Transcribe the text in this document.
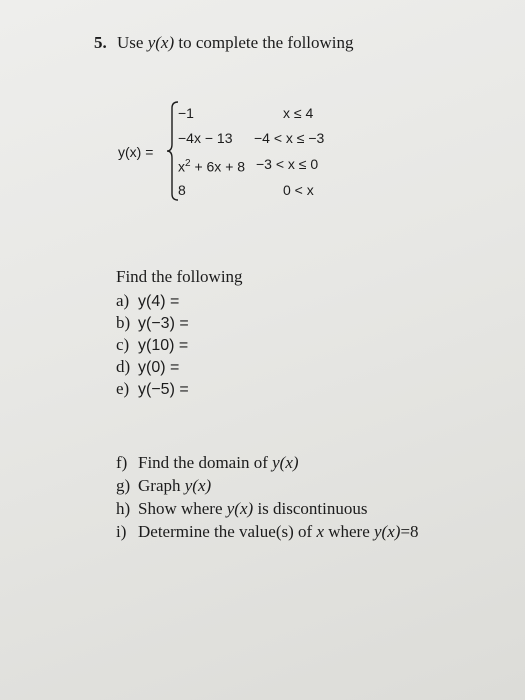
5. Use y(x) to complete the following
y(x) =
−1	x ≤ 4
−4x − 13 −4 < x ≤ −3
$x^2 + 6x + 8 -3 < x \le 0$
8	0 < x
Find the following
a) y(4) =
b) y(−3) =
c) y(10) =
d) y(0) =
e) y(−5) =
f) Find the domain of y(x)
g) Graph y(x)
h) Show where y(x) is discontinuous
i) Determine the value(s) of x where y(x)=8
